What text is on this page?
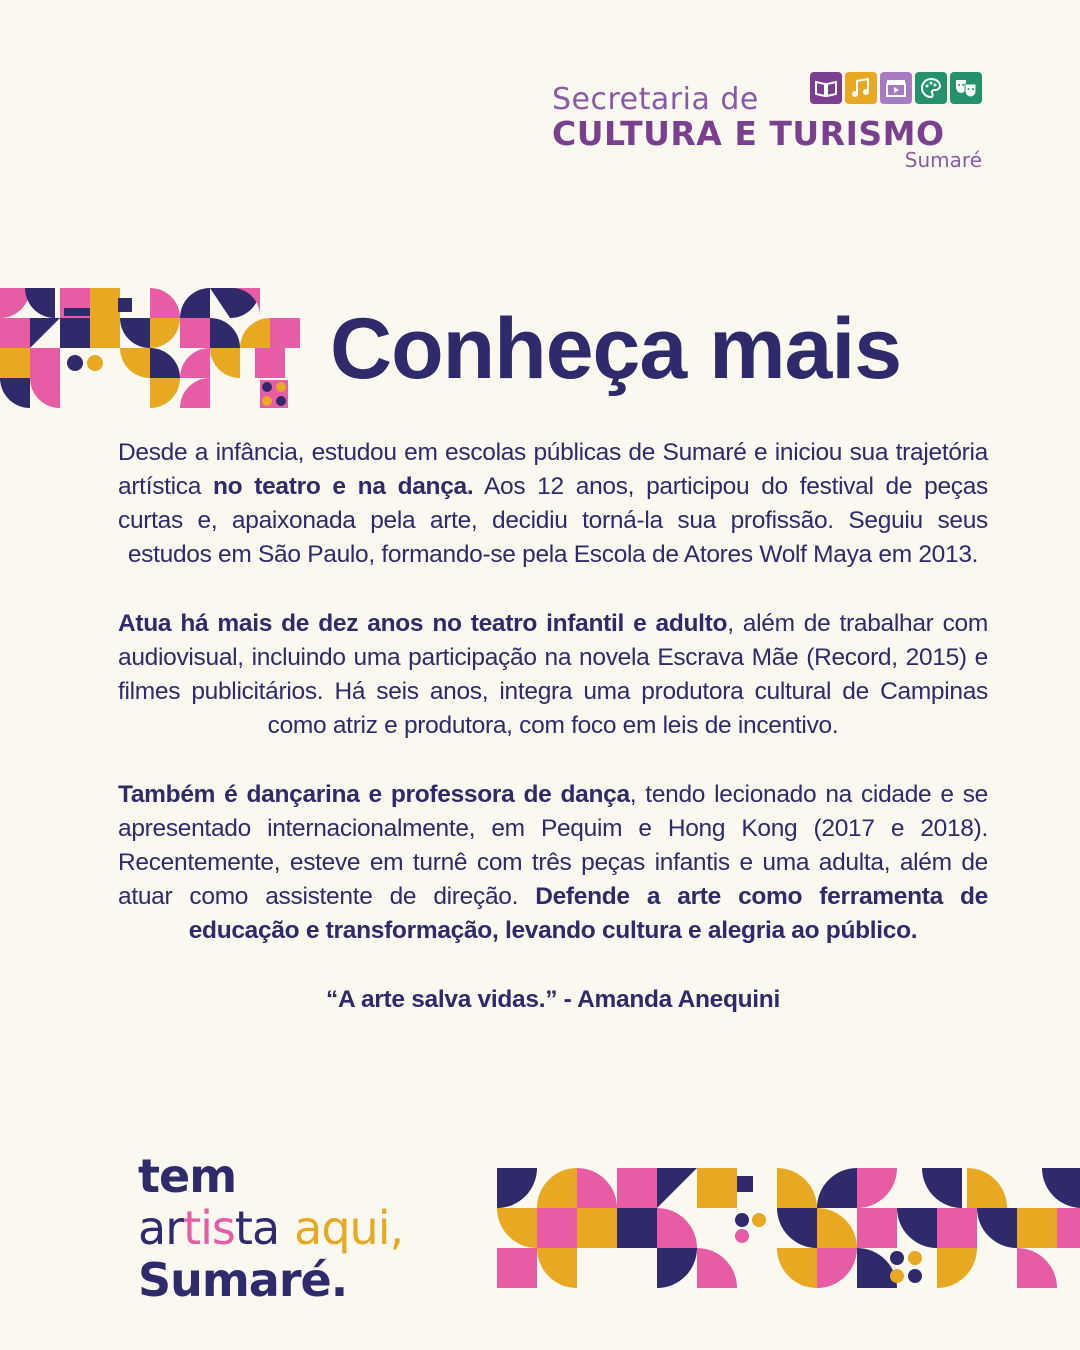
Secretaria de
CULTURA E TURISMO
Sumaré
Conheça mais

Desde a infância, estudou em escolas públicas de Sumaré e iniciou sua trajetória artística no teatro e na dança. Aos 12 anos, participou do festival de peças curtas e, apaixonada pela arte, decidiu torná-la sua profissão. Seguiu seus estudos em São Paulo, formando-se pela Escola de Atores Wolf Maya em 2013.

Atua há mais de dez anos no teatro infantil e adulto, além de trabalhar com audiovisual, incluindo uma participação na novela Escrava Mãe (Record, 2015) e filmes publicitários. Há seis anos, integra uma produtora cultural de Campinas como atriz e produtora, com foco em leis de incentivo.

Também é dançarina e professora de dança, tendo lecionado na cidade e se apresentado internacionalmente, em Pequim e Hong Kong (2017 e 2018). Recentemente, esteve em turnê com três peças infantis e uma adulta, além de atuar como assistente de direção. Defende a arte como ferramenta de educação e transformação, levando cultura e alegria ao público.

“A arte salva vidas.” - Amanda Anequini

tem
artista aqui,
Sumaré.
